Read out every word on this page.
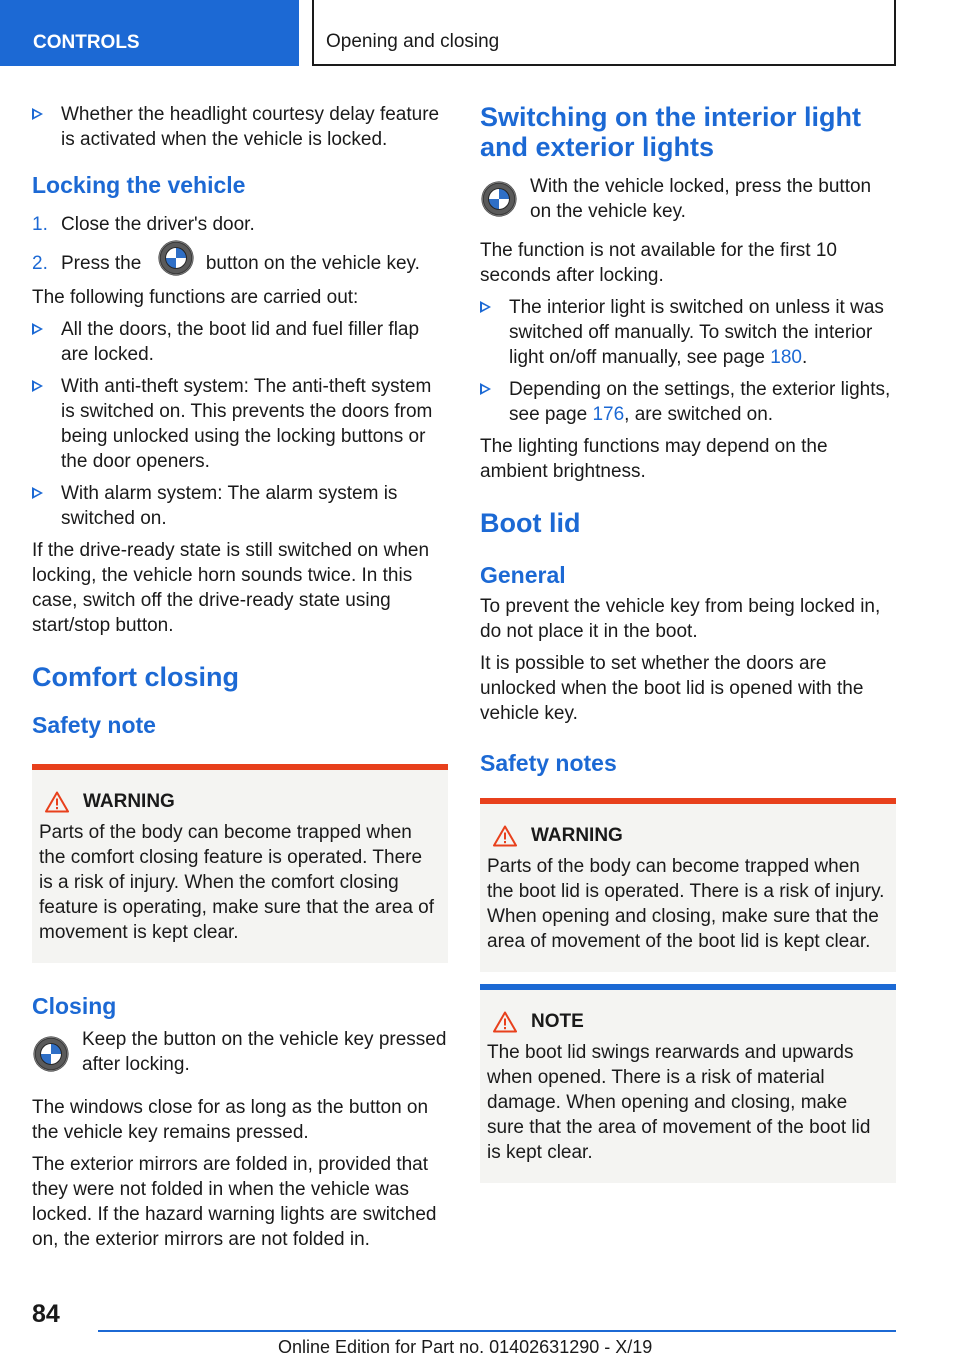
CONTROLS	Opening and closing
Whether the headlight courtesy delay feature is activated when the vehicle is locked.
Locking the vehicle
1. Close the driver's door.
2. Press the	button on the vehicle key.

The following functions are carried out:

All the doors, the boot lid and fuel filler flap are locked.
With anti-theft system: The anti-theft system is switched on. This prevents the doors from being unlocked using the locking buttons or the door openers.
With alarm system: The alarm system is switched on.

If the drive-ready state is still switched on when locking, the vehicle horn sounds twice. In this case, switch off the drive-ready state using start/stop button.

Comfort closing
Safety note
WARNING

Parts of the body can become trapped when the comfort closing feature is operated. There is a risk of injury. When the comfort closing feature is operating, make sure that the area of movement is kept clear.

Closing
Keep the button on the vehicle key pressed after locking.

The windows close for as long as the button on the vehicle key remains pressed.

The exterior mirrors are folded in, provided that they were not folded in when the vehicle was locked. If the hazard warning lights are switched on, the exterior mirrors are not folded in.

Switching on the interior light and exterior lights
With the vehicle locked, press the button on the vehicle key.

The function is not available for the first 10 seconds after locking.

The interior light is switched on unless it was switched off manually. To switch the interior light on/off manually, see page 180.
Depending on the settings, the exterior lights, see page 176, are switched on.

The lighting functions may depend on the ambient brightness.

Boot lid
General

To prevent the vehicle key from being locked in, do not place it in the boot.

It is possible to set whether the doors are unlocked when the boot lid is opened with the vehicle key.

Safety notes
WARNING

Parts of the body can become trapped when the boot lid is operated. There is a risk of injury. When opening and closing, make sure that the area of movement of the boot lid is kept clear.

NOTE

The boot lid swings rearwards and upwards when opened. There is a risk of material damage. When opening and closing, make sure that the area of movement of the boot lid is kept clear.

84
Online Edition for Part no. 01402631290 - X/19
